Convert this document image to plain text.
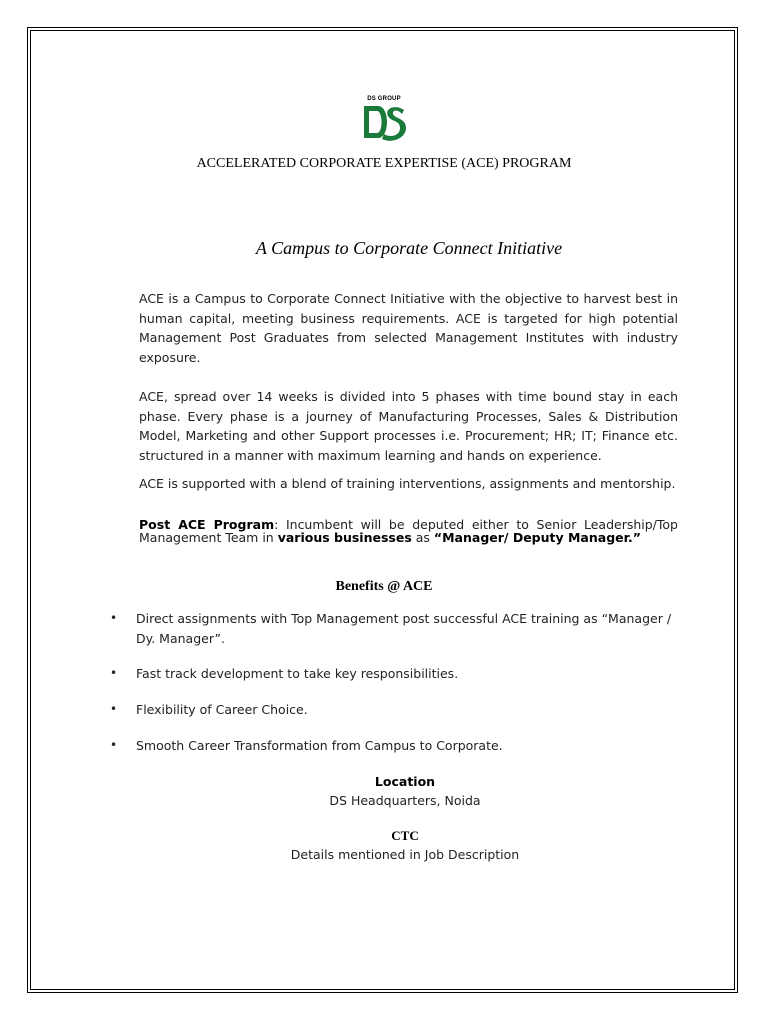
DS GROUP
ACCELERATED CORPORATE EXPERTISE (ACE) PROGRAM
A Campus to Corporate Connect Initiative
ACE is a Campus to Corporate Connect Initiative with the objective to harvest best in human capital, meeting business requirements. ACE is targeted for high potential Management Post Graduates from selected Management Institutes with industry exposure.
ACE, spread over 14 weeks is divided into 5 phases with time bound stay in each phase. Every phase is a journey of Manufacturing Processes, Sales & Distribution Model, Marketing and other Support processes i.e. Procurement; HR; IT; Finance etc. structured in a manner with maximum learning and hands on experience.
ACE is supported with a blend of training interventions, assignments and mentorship.
Post ACE Program: Incumbent will be deputed either to Senior Leadership/Top Management Team in various businesses as “Manager/ Deputy Manager.”
Benefits @ ACE
• Direct assignments with Top Management post successful ACE training as “Manager / Dy. Manager”.
• Fast track development to take key responsibilities.
• Flexibility of Career Choice.
• Smooth Career Transformation from Campus to Corporate.
Location
DS Headquarters, Noida
CTC
Details mentioned in Job Description
